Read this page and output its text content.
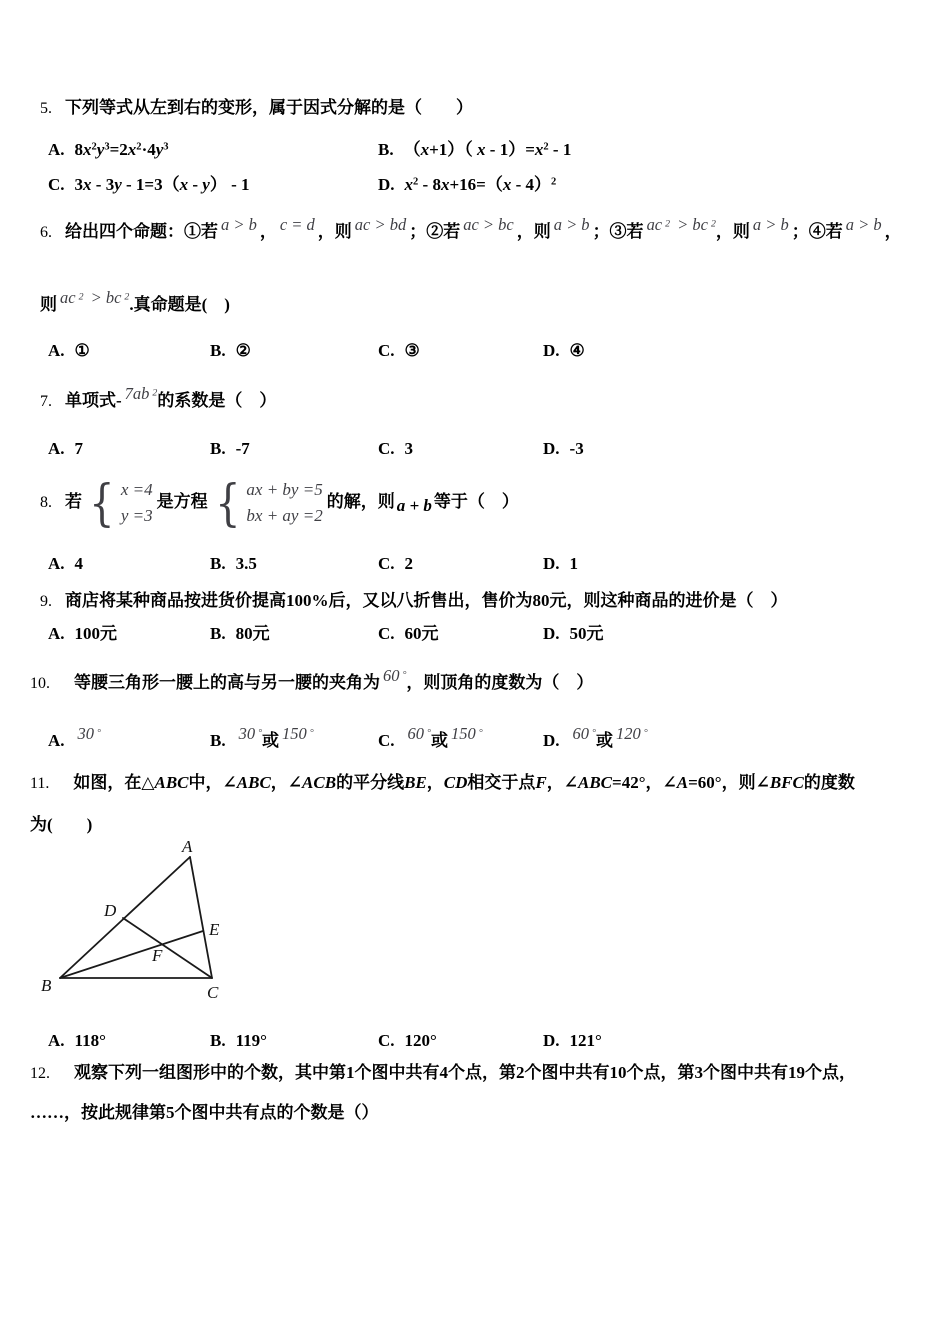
5. 下列等式从左到右的变形，属于因式分解的是（　　）
A. $8x^2y^3=2x^2\cdot 4y^3$	B. （x+1）（ $x - 1)=x^2 - 1$
C. 3x - 3y - 1=3（x - y） - 1	D. $x^2 - 8x+16=(x - 4)^2$
6. 给出四个命题：①若 a > b ， c = d ，则 ac > bd ；②若 ac > bc ，则 a > b ；③若 ac $^2$ > bc $^2$，则 a > b ；④若 a > b ，
则 ac $^2$ > bc $^2$.真命题是(　)
A. ①	B. ②	C. ③	D. ④
7. 单项式- 7ab $^2$的系数是（　）
A. 7	B. -7	C. 3	D. -3
8. 若 { x =4
y =3
是方程 { ax + by =5
bx + ay =2
的解，则 a + b 等于（　）
A. 4	B. 3.5	C. 2	D. 1
9. 商店将某种商品按进货价提高100%后，又以八折售出，售价为80元，则这种商品的进价是（　）
A. 100元	B. 80元	C. 60元	D. 50元
10. 等腰三角形一腰上的高与另一腰的夹角为 60 °，则顶角的度数为（　）
A. 30 °	B. 30 °或 150 °	C. 60 °或 150 °	D. 60 °或 120 °
11. 如图，在△ABC中，∠ABC，∠ACB的平分线BE，CD相交于点F，∠ABC=42°，∠A=60°，则∠BFC的度数
为(　　)
A
B	C
D
E
F
A. 118°	B. 119°	C. 120°	D. 121°
12. 观察下列一组图形中的个数，其中第1个图中共有4个点，第2个图中共有10个点，第3个图中共有19个点，
……，按此规律第5个图中共有点的个数是（）
